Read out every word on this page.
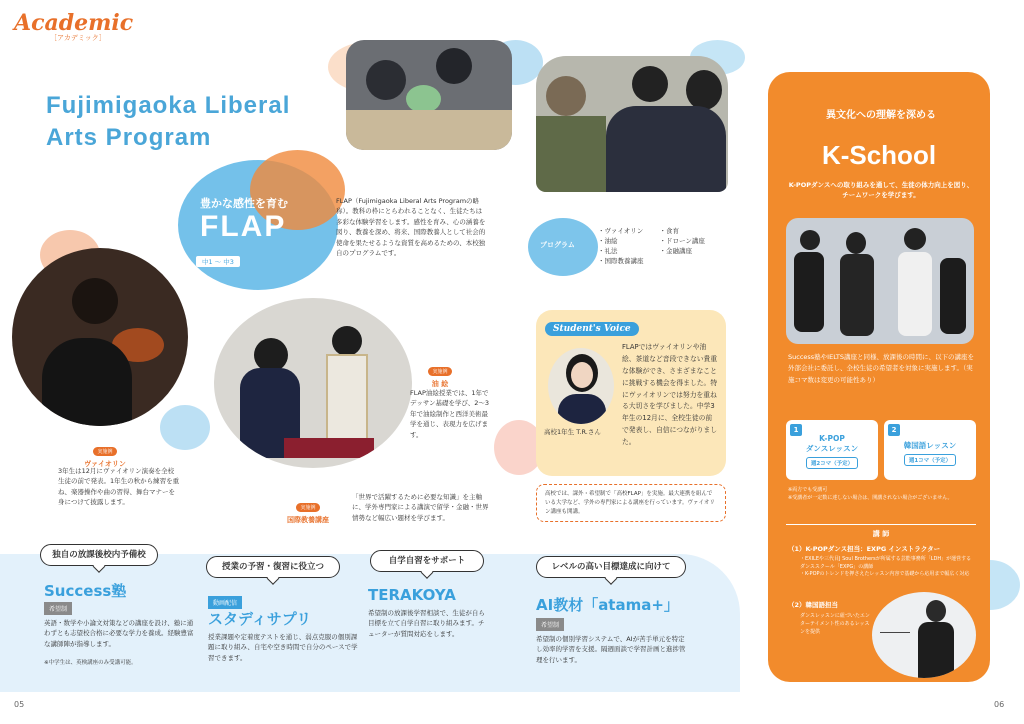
Academic
［アカデミック］
Fujimigaoka Liberal
Arts Program
豊かな感性を育む
FLAP
中1 ～ 中3
FLAP（Fujimigaoka Liberal Arts Programの略称）。教科の枠にとらわれることなく、生徒たちは多彩な体験学習をします。感性を育み、心の涵養を図り、教養を深め、将来、国際教養人として社会的使命を果たせるような資質を高めるための、本校独自のプログラムです。
プログラム
・ヴァイオリン
・油絵
・礼法
・国際教養講座
・食育
・ドローン講座
・金融講座
実施例
ヴァイオリン
3年生は12月にヴァイオリン演奏を全校生徒の前で発表。1年生の秋から練習を重ね、楽器操作や曲の習得、舞台マナーを身につけて披露します。
実施例
油 絵
FLAP油絵授業では、1年でデッサン基礎を学び、2～3年で油絵制作と西洋美術最学を通じ、表現力を広げます。
実施例
国際教養講座
「世界で活躍するために必要な知識」を主軸に、学外専門家による講演で留学・金融・世界情勢など幅広い題材を学びます。
Student's Voice
高校1年生 T.R.さん
FLAPではヴァイオリンや油絵、茶道など音段できない貴重な体験ができ、さまざまなことに挑戦する機会を得ました。特にヴァイオリンでは努力を重ねる大切さを学びました。中学3年生の12月に、全校生徒の前で発表し、自信につながりました。
高校では、課外・希望制で「高校FLAP」を実施。最大連携を組んでいる大学など、学外の専門家による講座を行っています。ヴァイオリン講座も開講。
独自の放課後校内予備校
Success塾
希望制
英語・数学や小論文対策などの講座を設け、塾に通わずとも志望校合格に必要な学力を養成。経験豊富な講師陣が指導します。
※中学生は、英検講座のみ受講可能。
授業の予習・復習に役立つ
動画配信
スタディサプリ
授業課題や定着度テストを通じ、弱点克服の個別課題に取り組み、自宅や空き時間で自分のペースで学習できます。
自学自習をサポート
TERAKOYA
希望制の放課後学習相談で、生徒が自ら目標を立て自学自習に取り組みます。チューターが質問対応をします。
レベルの高い目標達成に向けて
AI教材「atama+」
希望制
希望制の個別学習システムで、AIが苦手単元を特定し効率的学習を支援。隔週面談で学習計画と進捗管理を行います。
異文化への理解を深める
K-School
K-POPダンスへの取り組みを通して、生徒の体力向上を図り、チームワークを学びます。
Success塾やIELTS講座と同様、放課後の時間に、以下の講座を外部会社に委託し、全校生徒の希望者を対象に実施します。（実施コマ数は変更の可能性あり）
1
K-POP
ダンスレッスン
週2コマ（予定）
2
韓国語レッスン
週1コマ（予定）
※両方でも受講可
※受講者が一定数に達しない場合は、開講されない場合がございません。
講 師
（1）K-POPダンス担当：EXPG インストラクター
・EXILEや三代目J Soul Brothersが所属する芸能事務所「LDH」が運営するダンススクール「EXPG」の講師
・K-POPのトレンドを押さえたレッスン内容で基礎から応用まで幅広く対応
（2）韓国語担当
ダンスレッスンに紐づいたエンターテイメント性のあるレッスンを提供
05	06
